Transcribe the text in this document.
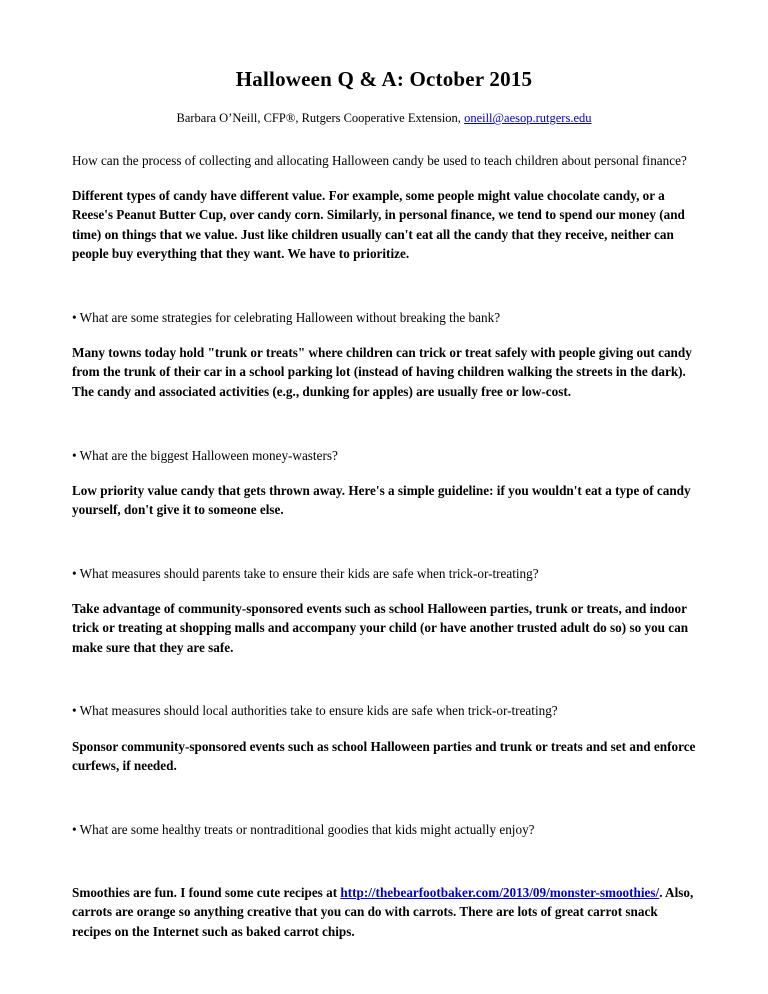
Halloween Q & A: October 2015

Barbara O’Neill, CFP®, Rutgers Cooperative Extension, oneill@aesop.rutgers.edu

How can the process of collecting and allocating Halloween candy be used to teach children about personal finance?

Different types of candy have different value. For example, some people might value chocolate candy, or a Reese's Peanut Butter Cup, over candy corn. Similarly, in personal finance, we tend to spend our money (and time) on things that we value. Just like children usually can't eat all the candy that they receive, neither can people buy everything that they want. We have to prioritize.

• What are some strategies for celebrating Halloween without breaking the bank?

Many towns today hold "trunk or treats" where children can trick or treat safely with people giving out candy from the trunk of their car in a school parking lot (instead of having children walking the streets in the dark). The candy and associated activities (e.g., dunking for apples) are usually free or low-cost.

• What are the biggest Halloween money-wasters?

Low priority value candy that gets thrown away. Here's a simple guideline: if you wouldn't eat a type of candy yourself, don't give it to someone else.

• What measures should parents take to ensure their kids are safe when trick-or-treating?

Take advantage of community-sponsored events such as school Halloween parties, trunk or treats, and indoor trick or treating at shopping malls and accompany your child (or have another trusted adult do so) so you can make sure that they are safe.

• What measures should local authorities take to ensure kids are safe when trick-or-treating?

Sponsor community-sponsored events such as school Halloween parties and trunk or treats and set and enforce curfews, if needed.

• What are some healthy treats or nontraditional goodies that kids might actually enjoy?

Smoothies are fun. I found some cute recipes at http://thebearfootbaker.com/2013/09/monster-smoothies/. Also, carrots are orange so anything creative that you can do with carrots. There are lots of great carrot snack recipes on the Internet such as baked carrot chips.
